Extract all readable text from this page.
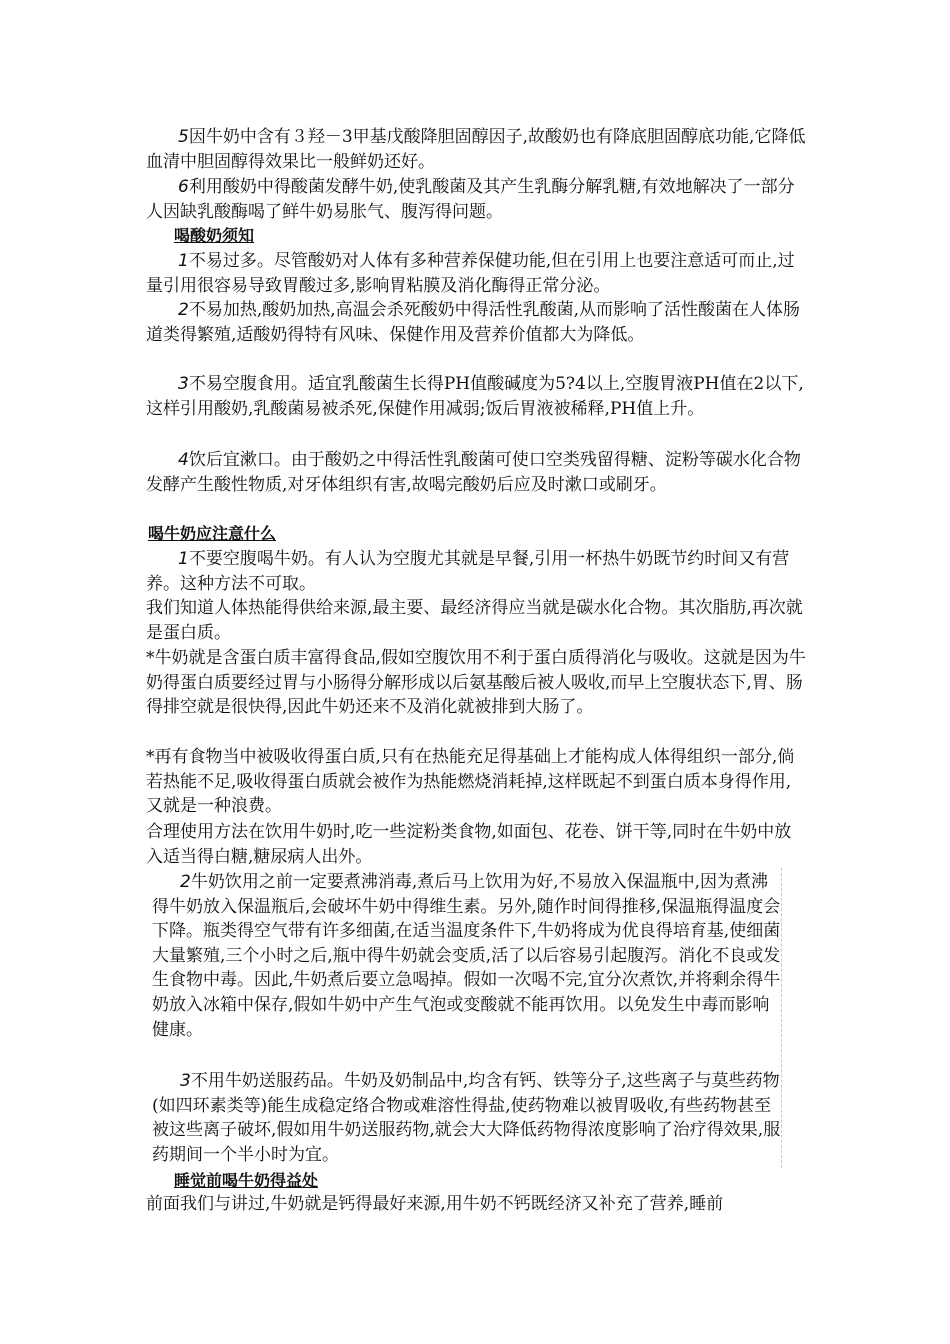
5因牛奶中含有３羟－3甲基戊酸降胆固醇因子,故酸奶也有降底胆固醇底功能,它降低血清中胆固醇得效果比一般鲜奶还好。

6利用酸奶中得酸菌发酵牛奶,使乳酸菌及其产生乳酶分解乳糖,有效地解决了一部分人因缺乳酸酶喝了鲜牛奶易胀气、腹泻得问题。

喝酸奶须知

1不易过多。尽管酸奶对人体有多种营养保健功能,但在引用上也要注意适可而止,过量引用很容易导致胃酸过多,影响胃粘膜及消化酶得正常分泌。

2不易加热,酸奶加热,高温会杀死酸奶中得活性乳酸菌,从而影响了活性酸菌在人体肠道类得繁殖,适酸奶得特有风味、保健作用及营养价值都大为降低。

3不易空腹食用。适宜乳酸菌生长得PH值酸碱度为5?4以上,空腹胃液PH值在2以下,这样引用酸奶,乳酸菌易被杀死,保健作用减弱;饭后胃液被稀释,PH值上升。

4饮后宜漱口。由于酸奶之中得活性乳酸菌可使口空类残留得糖、淀粉等碳水化合物发酵产生酸性物质,对牙体组织有害,故喝完酸奶后应及时漱口或刷牙。

喝牛奶应注意什么

1不要空腹喝牛奶。有人认为空腹尤其就是早餐,引用一杯热牛奶既节约时间又有营养。这种方法不可取。

我们知道人体热能得供给来源,最主要、最经济得应当就是碳水化合物。其次脂肪,再次就是蛋白质。

*牛奶就是含蛋白质丰富得食品,假如空腹饮用不利于蛋白质得消化与吸收。这就是因为牛奶得蛋白质要经过胃与小肠得分解形成以后氨基酸后被人吸收,而早上空腹状态下,胃、肠得排空就是很快得,因此牛奶还来不及消化就被排到大肠了。

*再有食物当中被吸收得蛋白质,只有在热能充足得基础上才能构成人体得组织一部分,倘若热能不足,吸收得蛋白质就会被作为热能燃烧消耗掉,这样既起不到蛋白质本身得作用,又就是一种浪费。

合理使用方法在饮用牛奶时,吃一些淀粉类食物,如面包、花卷、饼干等,同时在牛奶中放入适当得白糖,糖尿病人出外。

2牛奶饮用之前一定要煮沸消毒,煮后马上饮用为好,不易放入保温瓶中,因为煮沸得牛奶放入保温瓶后,会破坏牛奶中得维生素。另外,随作时间得推移,保温瓶得温度会下降。瓶类得空气带有许多细菌,在适当温度条件下,牛奶将成为优良得培育基,使细菌大量繁殖,三个小时之后,瓶中得牛奶就会变质,活了以后容易引起腹泻。消化不良或发生食物中毒。因此,牛奶煮后要立急喝掉。假如一次喝不完,宜分次煮饮,并将剩余得牛奶放入冰箱中保存,假如牛奶中产生气泡或变酸就不能再饮用。以免发生中毒而影响健康。

3不用牛奶送服药品。牛奶及奶制品中,均含有钙、铁等分子,这些离子与莫些药物(如四环素类等)能生成稳定络合物或难溶性得盐,使药物难以被胃吸收,有些药物甚至被这些离子破坏,假如用牛奶送服药物,就会大大降低药物得浓度影响了治疗得效果,服药期间一个半小时为宜。

睡觉前喝牛奶得益处

前面我们与讲过,牛奶就是钙得最好来源,用牛奶不钙既经济又补充了营养,睡前
